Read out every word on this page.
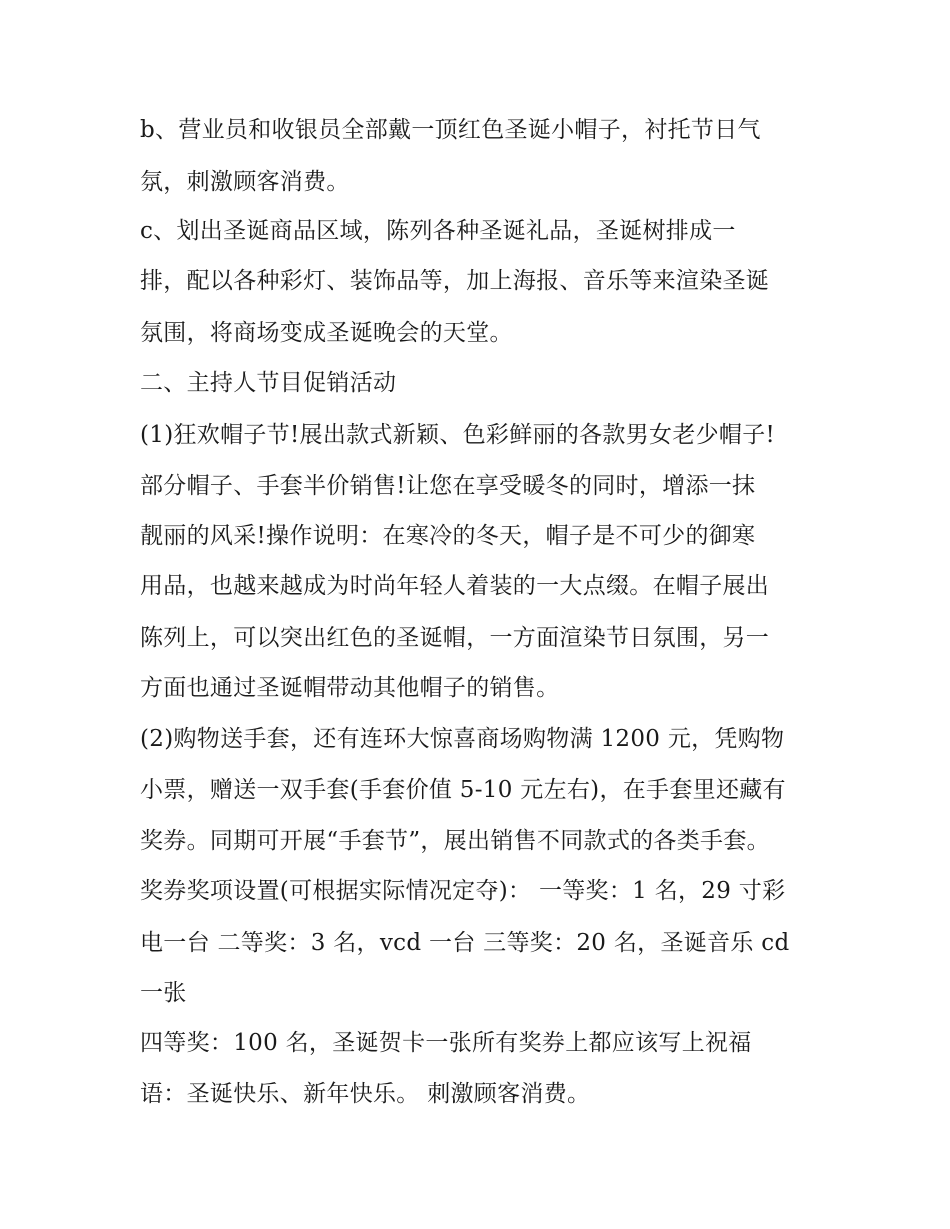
b、营业员和收银员全部戴一顶红色圣诞小帽子，衬托节日气

氛，刺激顾客消费。

c、划出圣诞商品区域，陈列各种圣诞礼品，圣诞树排成一

排，配以各种彩灯、装饰品等，加上海报、音乐等来渲染圣诞

氛围，将商场变成圣诞晚会的天堂。

二、主持人节目促销活动

(1)狂欢帽子节!展出款式新颖、色彩鲜丽的各款男女老少帽子!

部分帽子、手套半价销售!让您在享受暖冬的同时，增添一抹

靓丽的风采!操作说明：在寒冷的冬天，帽子是不可少的御寒

用品，也越来越成为时尚年轻人着装的一大点缀。在帽子展出

陈列上，可以突出红色的圣诞帽，一方面渲染节日氛围，另一

方面也通过圣诞帽带动其他帽子的销售。

(2)购物送手套，还有连环大惊喜商场购物满 1200 元，凭购物

小票，赠送一双手套(手套价值 5-10 元左右)，在手套里还藏有

奖券。同期可开展“手套节”，展出销售不同款式的各类手套。

奖券奖项设置(可根据实际情况定夺)： 一等奖：1 名，29 寸彩

电一台 二等奖：3 名，vcd 一台 三等奖：20 名，圣诞音乐 cd

一张

四等奖：100 名，圣诞贺卡一张所有奖券上都应该写上祝福

语：圣诞快乐、新年快乐。 刺激顾客消费。
